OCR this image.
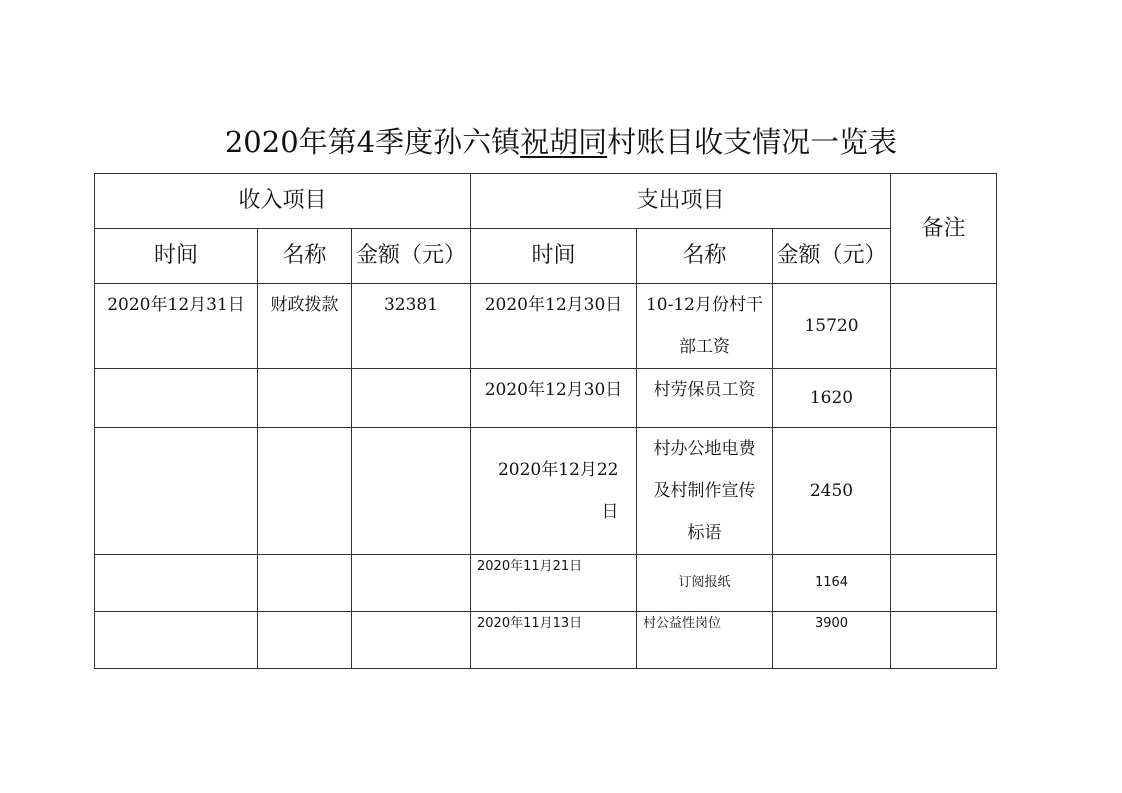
2020年第4季度孙六镇祝胡同村账目收支情况一览表
收入项目			支出项目			备注
时间	名称	金额（元）	时间	名称	金额（元）	
2020年12月31日	财政拨款	32381	2020年12月30日	10-12月份村干部工资	15720	
			2020年12月30日	村劳保员工资	1620	
			2020年12月22日	村办公地电费及村制作宣传标语	2450	
			2020年11月21日	订阅报纸	1164	
			2020年11月13日	村公益性岗位	3900	
